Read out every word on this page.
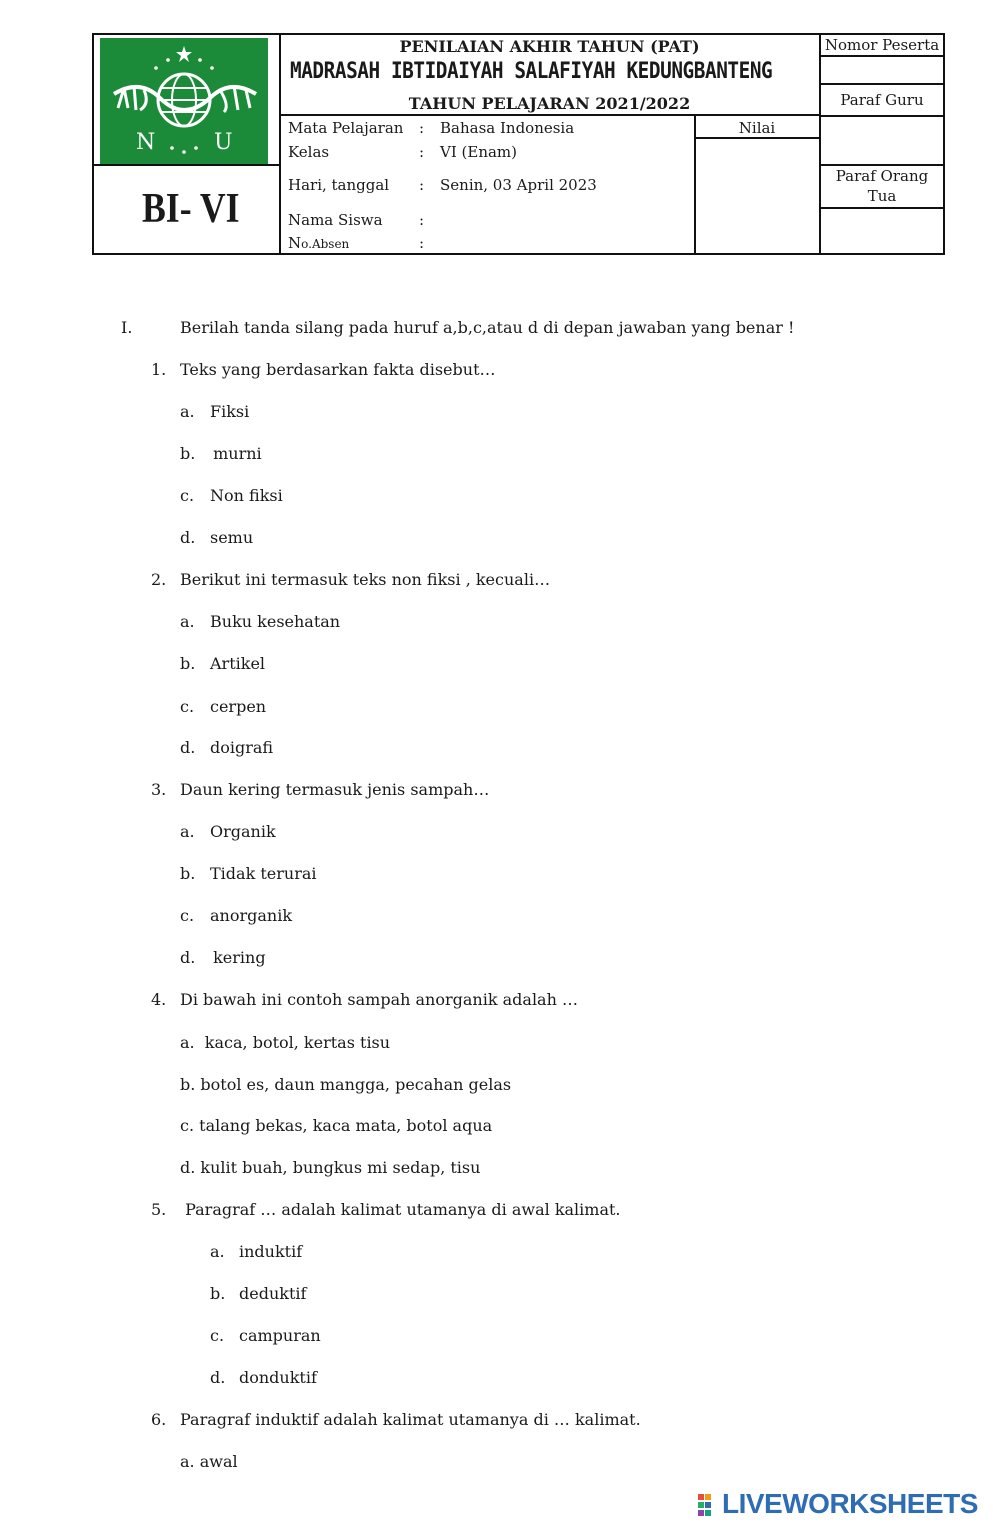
N	U
PENILAIAN AKHIR TAHUN (PAT)
MADRASAH IBTIDAIYAH SALAFIYAH KEDUNGBANTENG
TAHUN PELAJARAN 2021/2022
BI- VI
Nomor Peserta
Paraf Guru
Paraf Orang
Tua
Nilai
Mata Pelajaran : Bahasa Indonesia
Kelas	: VI (Enam)
Hari, tanggal : Senin, 03 April 2023
Nama Siswa :
No.Absen	:
I.	Berilah tanda silang pada huruf a,b,c,atau d di depan jawaban yang benar !
1. Teks yang berdasarkan fakta disebut…
a. Fiksi
b. murni
c. Non fiksi
d. semu
2. Berikut ini termasuk teks non fiksi , kecuali…
a. Buku kesehatan
b. Artikel
c. cerpen
d. doigrafi
3. Daun kering termasuk jenis sampah…
a. Organik
b. Tidak terurai
c. anorganik
d. kering
4. Di bawah ini contoh sampah anorganik adalah …
a.  kaca, botol, kertas tisu
b. botol es, daun mangga, pecahan gelas
c. talang bekas, kaca mata, botol aqua
d. kulit buah, bungkus mi sedap, tisu
5. Paragraf … adalah kalimat utamanya di awal kalimat.
a. induktif
b. deduktif
c. campuran
d. donduktif
6. Paragraf induktif adalah kalimat utamanya di … kalimat.
a. awal
LIVEWORKSHEETS
